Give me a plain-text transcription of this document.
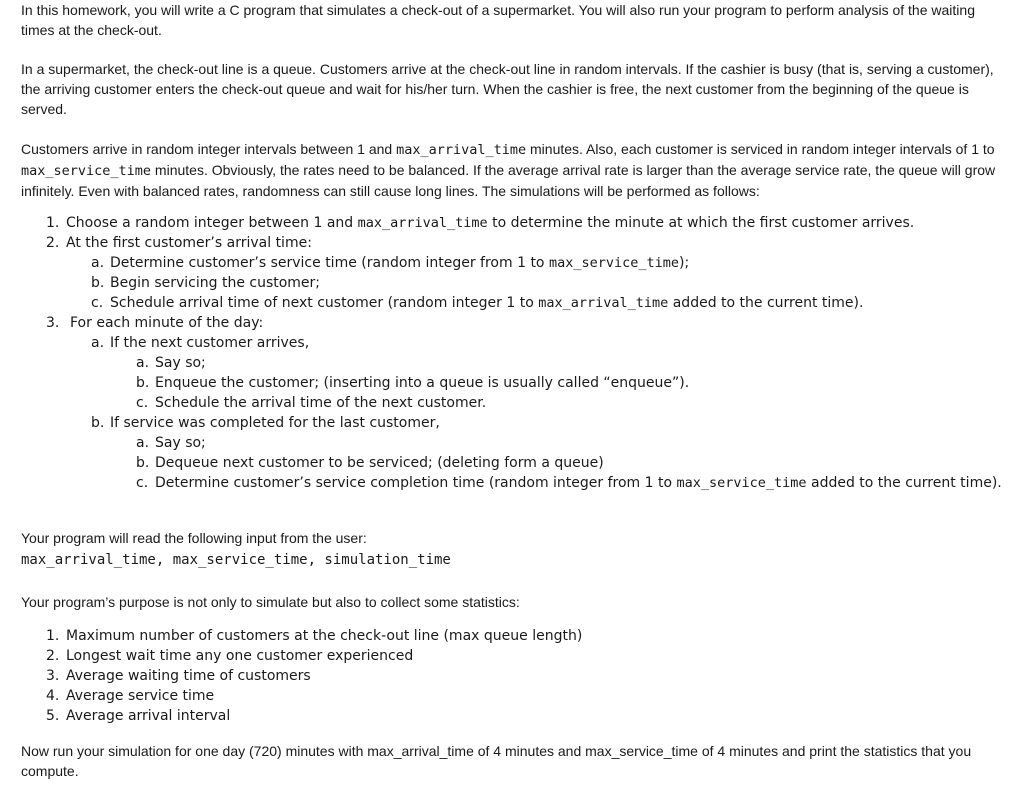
In this homework, you will write a C program that simulates a check-out of a supermarket. You will also run your program to perform analysis of the waiting times at the check-out.

In a supermarket, the check-out line is a queue. Customers arrive at the check-out line in random intervals. If the cashier is busy (that is, serving a customer), the arriving customer enters the check-out queue and wait for his/her turn. When the cashier is free, the next customer from the beginning of the queue is served.

Customers arrive in random integer intervals between 1 and max_arrival_time minutes. Also, each customer is serviced in random integer intervals of 1 to max_service_time minutes. Obviously, the rates need to be balanced. If the average arrival rate is larger than the average service rate, the queue will grow infinitely. Even with balanced rates, randomness can still cause long lines. The simulations will be performed as follows:

1. Choose a random integer between 1 and max_arrival_time to determine the minute at which the first customer arrives.
2. At the first customer’s arrival time:
a. Determine customer’s service time (random integer from 1 to max_service_time);
b. Begin servicing the customer;
c. Schedule arrival time of next customer (random integer 1 to max_arrival_time added to the current time).
3. For each minute of the day:
a. If the next customer arrives,
a. Say so;
b. Enqueue the customer; (inserting into a queue is usually called “enqueue”).
c. Schedule the arrival time of the next customer.
b. If service was completed for the last customer,
b. Dequeue next customer to be serviced; (deleting form a queue)
a. Say so;
c. Determine customer’s service completion time (random integer from 1 to max_service_time added to the current time).

Your program will read the following input from the user:

max_arrival_time, max_service_time, simulation_time

Your program’s purpose is not only to simulate but also to collect some statistics:

1. Maximum number of customers at the check-out line (max queue length)
2. Longest wait time any one customer experienced
3. Average waiting time of customers
4. Average service time
5. Average arrival interval

Now run your simulation for one day (720) minutes with max_arrival_time of 4 minutes and max_service_time of 4 minutes and print the statistics that you compute.
